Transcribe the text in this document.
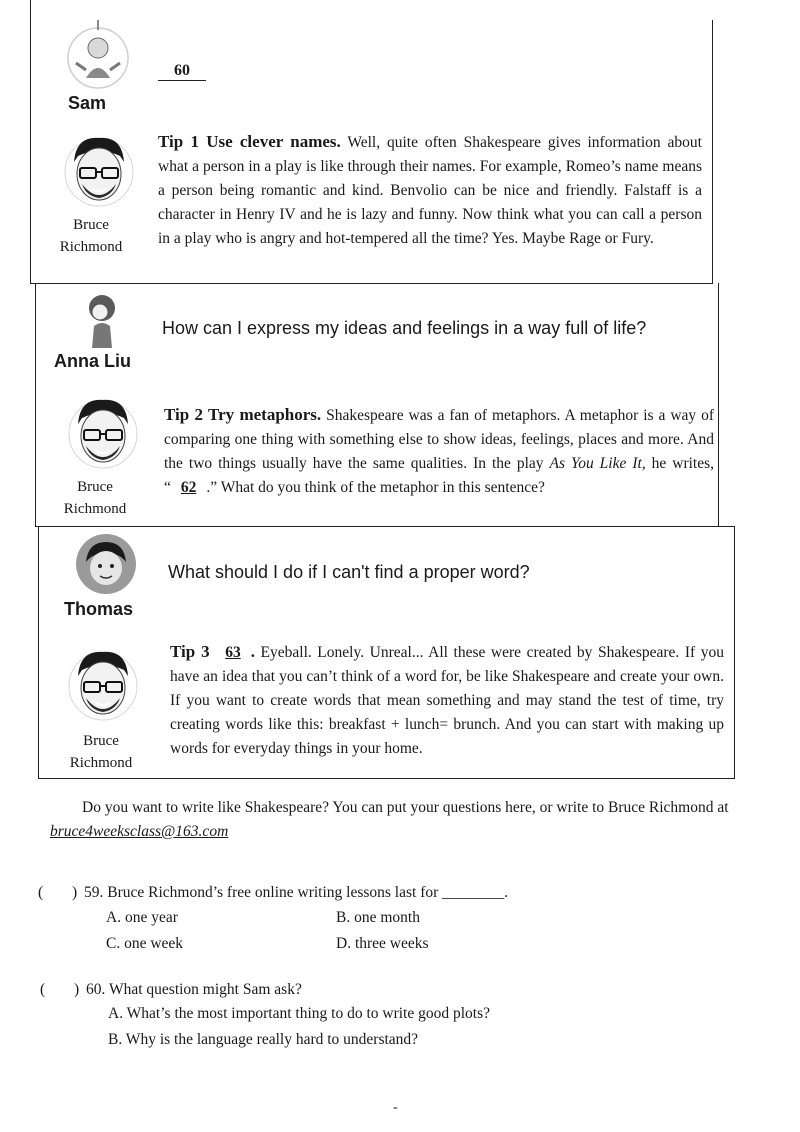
Sam
60
Bruce
Richmond
Tip 1 Use clever names. Well, quite often Shakespeare gives information about what a person in a play is like through their names. For example, Romeo’s name means a person being romantic and kind. Benvolio can be nice and friendly. Falstaff is a character in Henry IV and he is lazy and funny. Now think what you can call a person in a play who is angry and hot-tempered all the time? Yes. Maybe Rage or Fury.
Anna Liu
How can I express my ideas and feelings in a way full of life?
Bruce
Richmond
Tip 2 Try metaphors. Shakespeare was a fan of metaphors. A metaphor is a way of comparing one thing with something else to show ideas, feelings, places and more. And the two things usually have the same qualities. In the play As You Like It, he writes, “ 62 .” What do you think of the metaphor in this sentence?
Thomas
What should I do if I can't find a proper word?
Bruce
Richmond
Tip 3 63 . Eyeball. Lonely. Unreal... All these were created by Shakespeare. If you have an idea that you can’t think of a word for, be like Shakespeare and create your own. If you want to create words that mean something and may stand the test of time, try creating words like this: breakfast + lunch= brunch. And you can start with making up words for everyday things in your home.
Do you want to write like Shakespeare? You can put your questions here, or write to Bruce Richmond at bruce4weeksclass@163.com
( ) 59. Bruce Richmond’s free online writing lessons last for ________.
A. one year	B. one month
C. one week	D. three weeks
( ) 60. What question might Sam ask?
A. What’s the most important thing to do to write good plots?
B. Why is the language really hard to understand?
-
